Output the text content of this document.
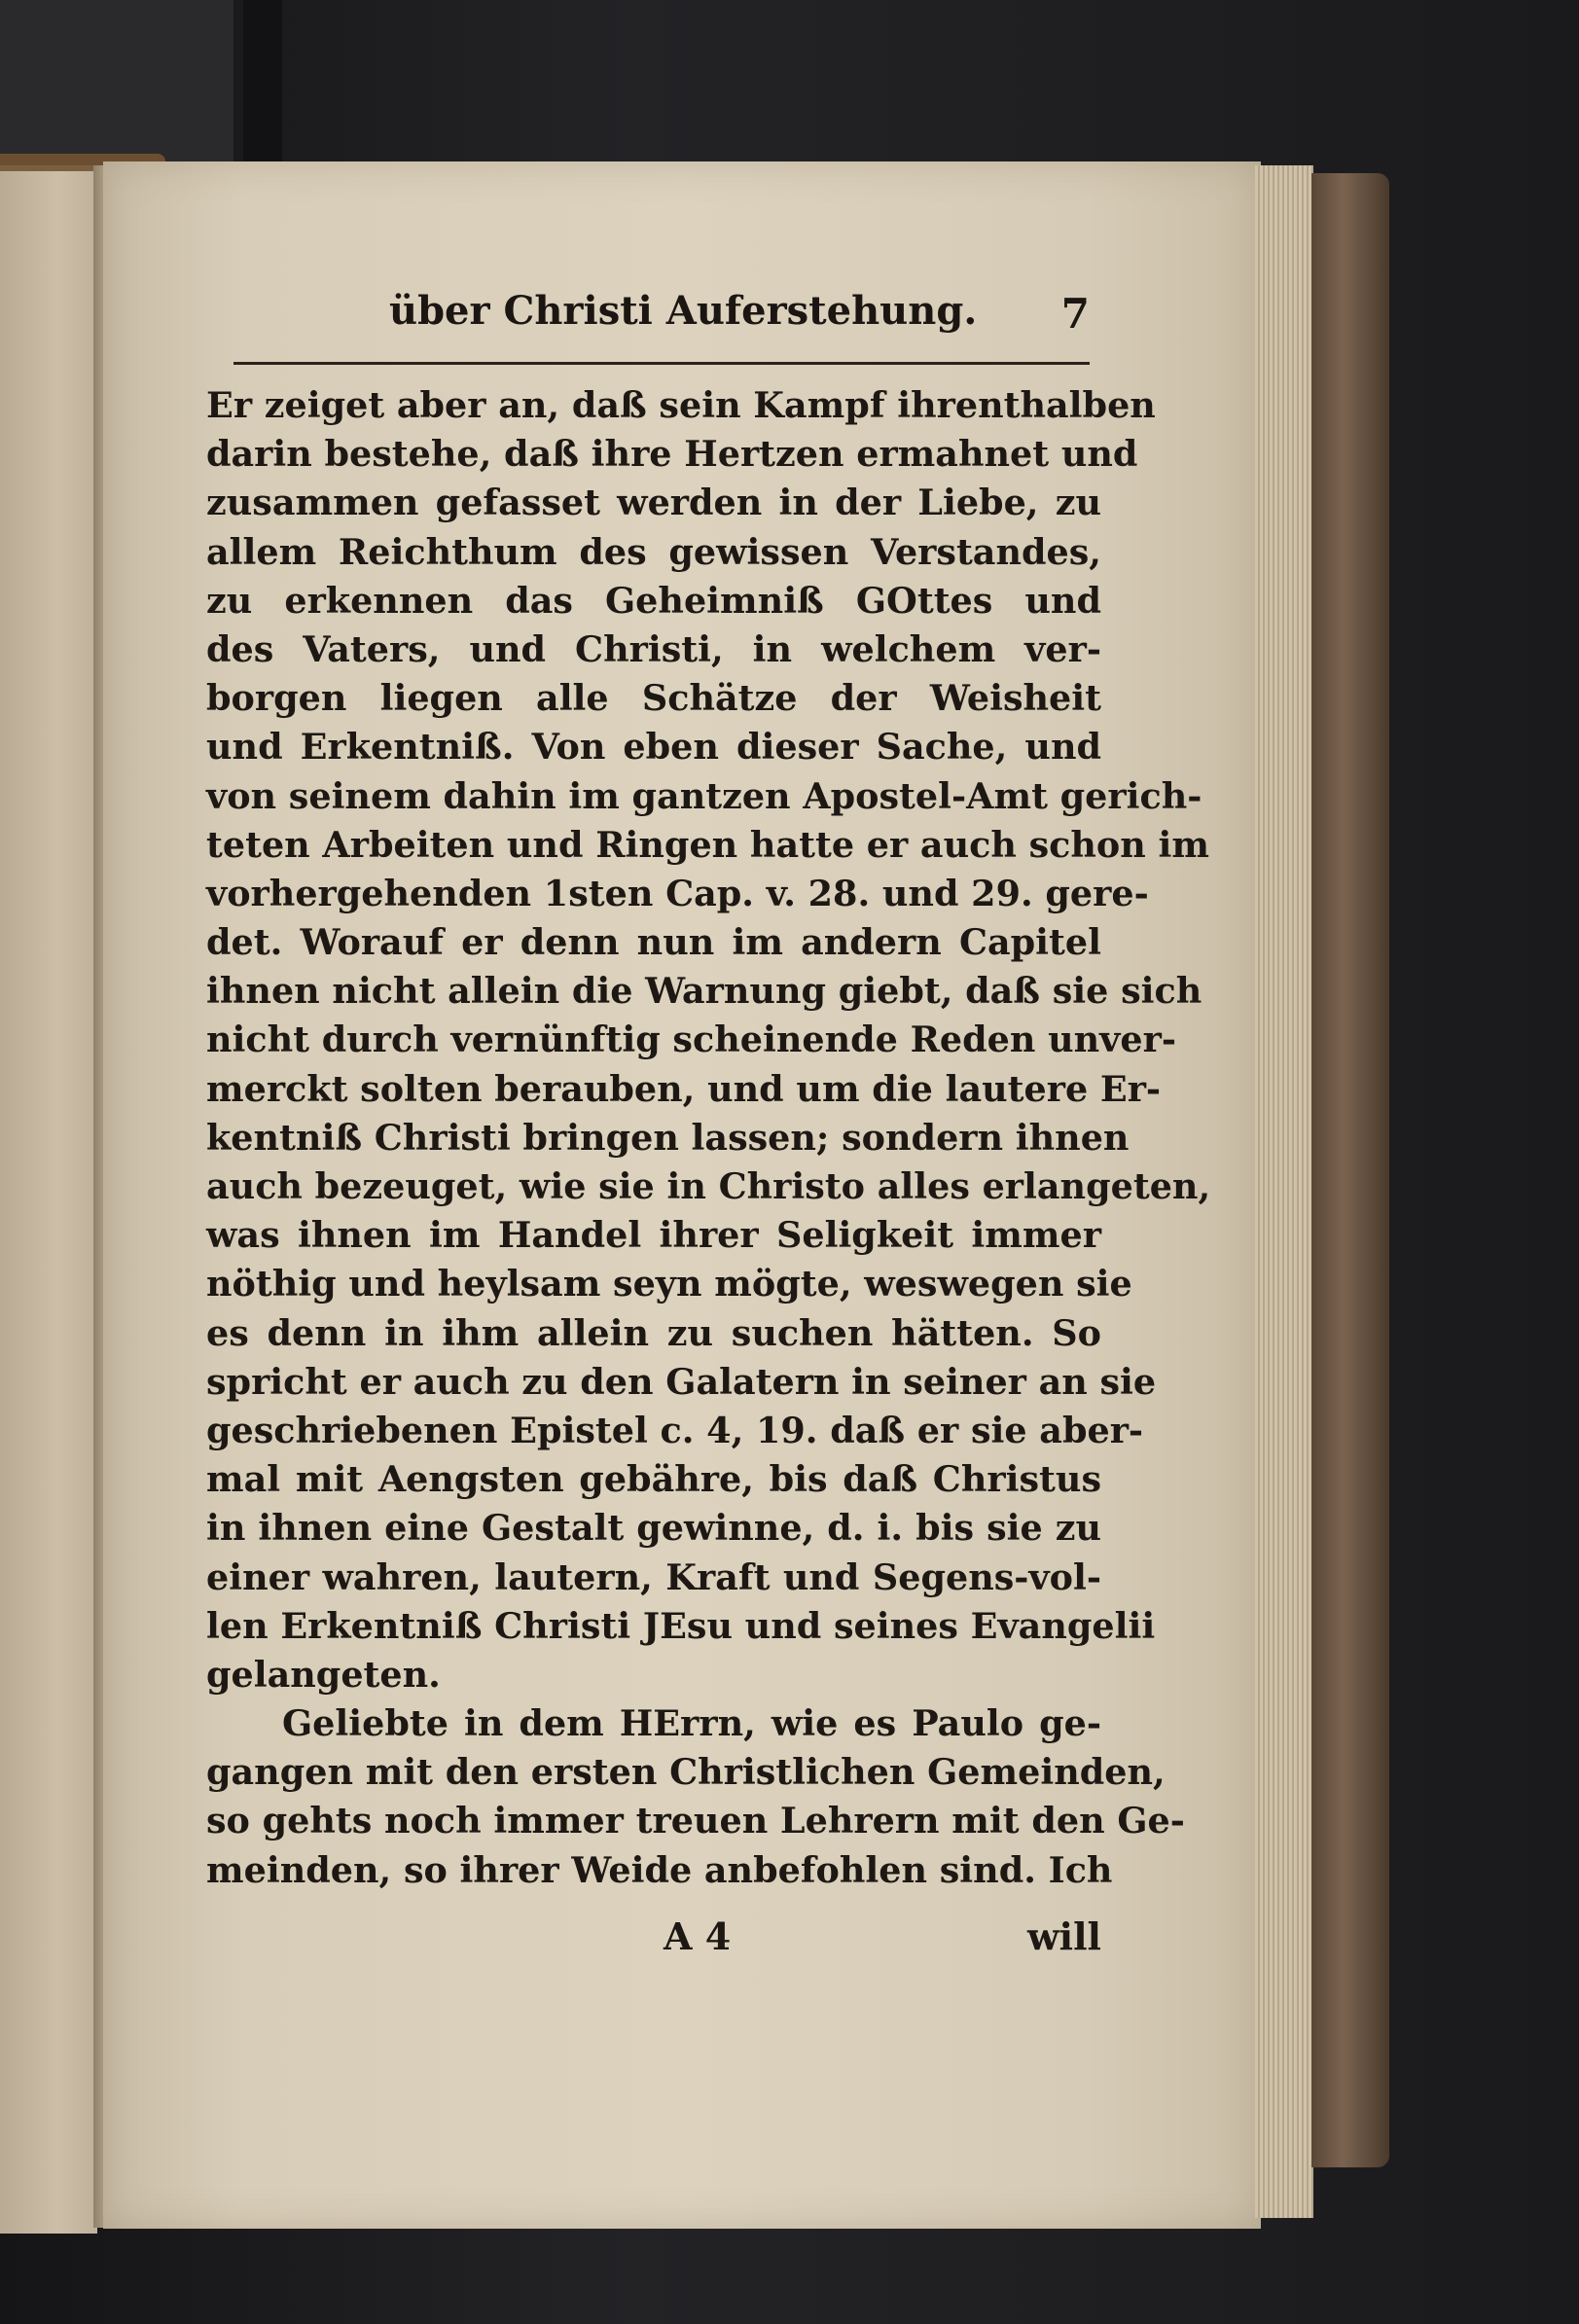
über Christi Auferstehung. 7
Er zeiget aber an, daß sein Kampf ihrenthalben
darin bestehe, daß ihre Hertzen ermahnet und
zusammen gefasset werden in der Liebe, zu
allem Reichthum des gewissen Verstandes,
zu erkennen das Geheimniß GOttes und
des Vaters, und Christi, in welchem ver-
borgen liegen alle Schätze der Weisheit
und Erkentniß. Von eben dieser Sache, und
von seinem dahin im gantzen Apostel-Amt gerich-
teten Arbeiten und Ringen hatte er auch schon im
vorhergehenden 1sten Cap. v. 28. und 29. gere-
det. Worauf er denn nun im andern Capitel
ihnen nicht allein die Warnung giebt, daß sie sich
nicht durch vernünftig scheinende Reden unver-
merckt solten berauben, und um die lautere Er-
kentniß Christi bringen lassen; sondern ihnen
auch bezeuget, wie sie in Christo alles erlangeten,
was ihnen im Handel ihrer Seligkeit immer
nöthig und heylsam seyn mögte, weswegen sie
es denn in ihm allein zu suchen hätten. So
spricht er auch zu den Galatern in seiner an sie
geschriebenen Epistel c. 4, 19. daß er sie aber-
mal mit Aengsten gebähre, bis daß Christus
in ihnen eine Gestalt gewinne, d. i. bis sie zu
einer wahren, lautern, Kraft und Segens-vol-
len Erkentniß Christi JEsu und seines Evangelii
gelangeten.
Geliebte in dem HErrn, wie es Paulo ge-
gangen mit den ersten Christlichen Gemeinden,
so gehts noch immer treuen Lehrern mit den Ge-
meinden, so ihrer Weide anbefohlen sind. Ich
A 4	will
